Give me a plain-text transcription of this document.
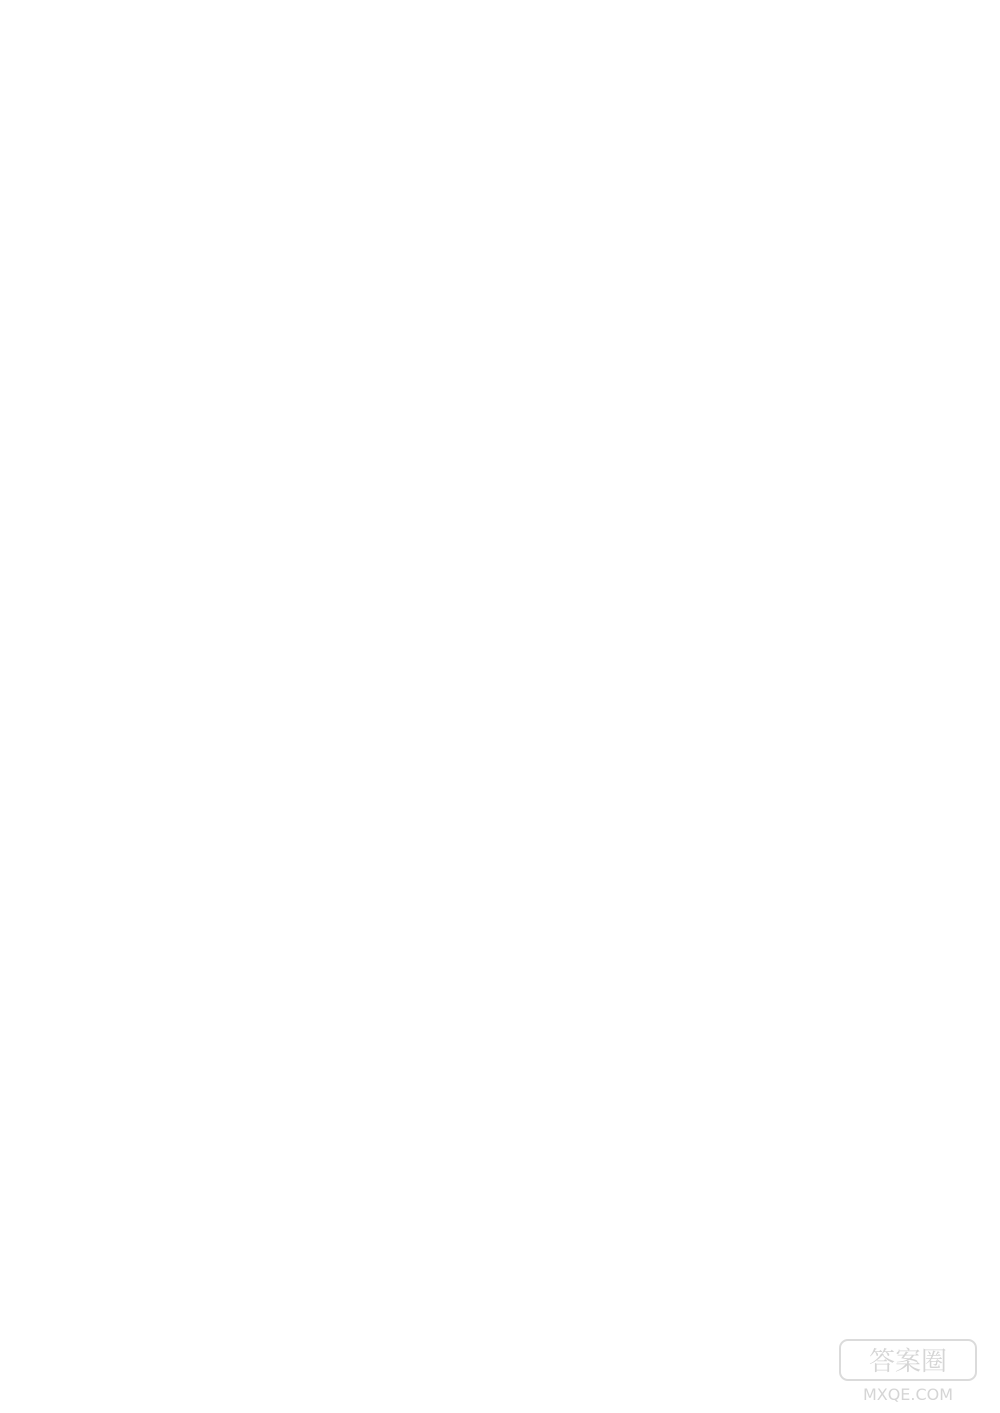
答案圈
MXQE.COM
